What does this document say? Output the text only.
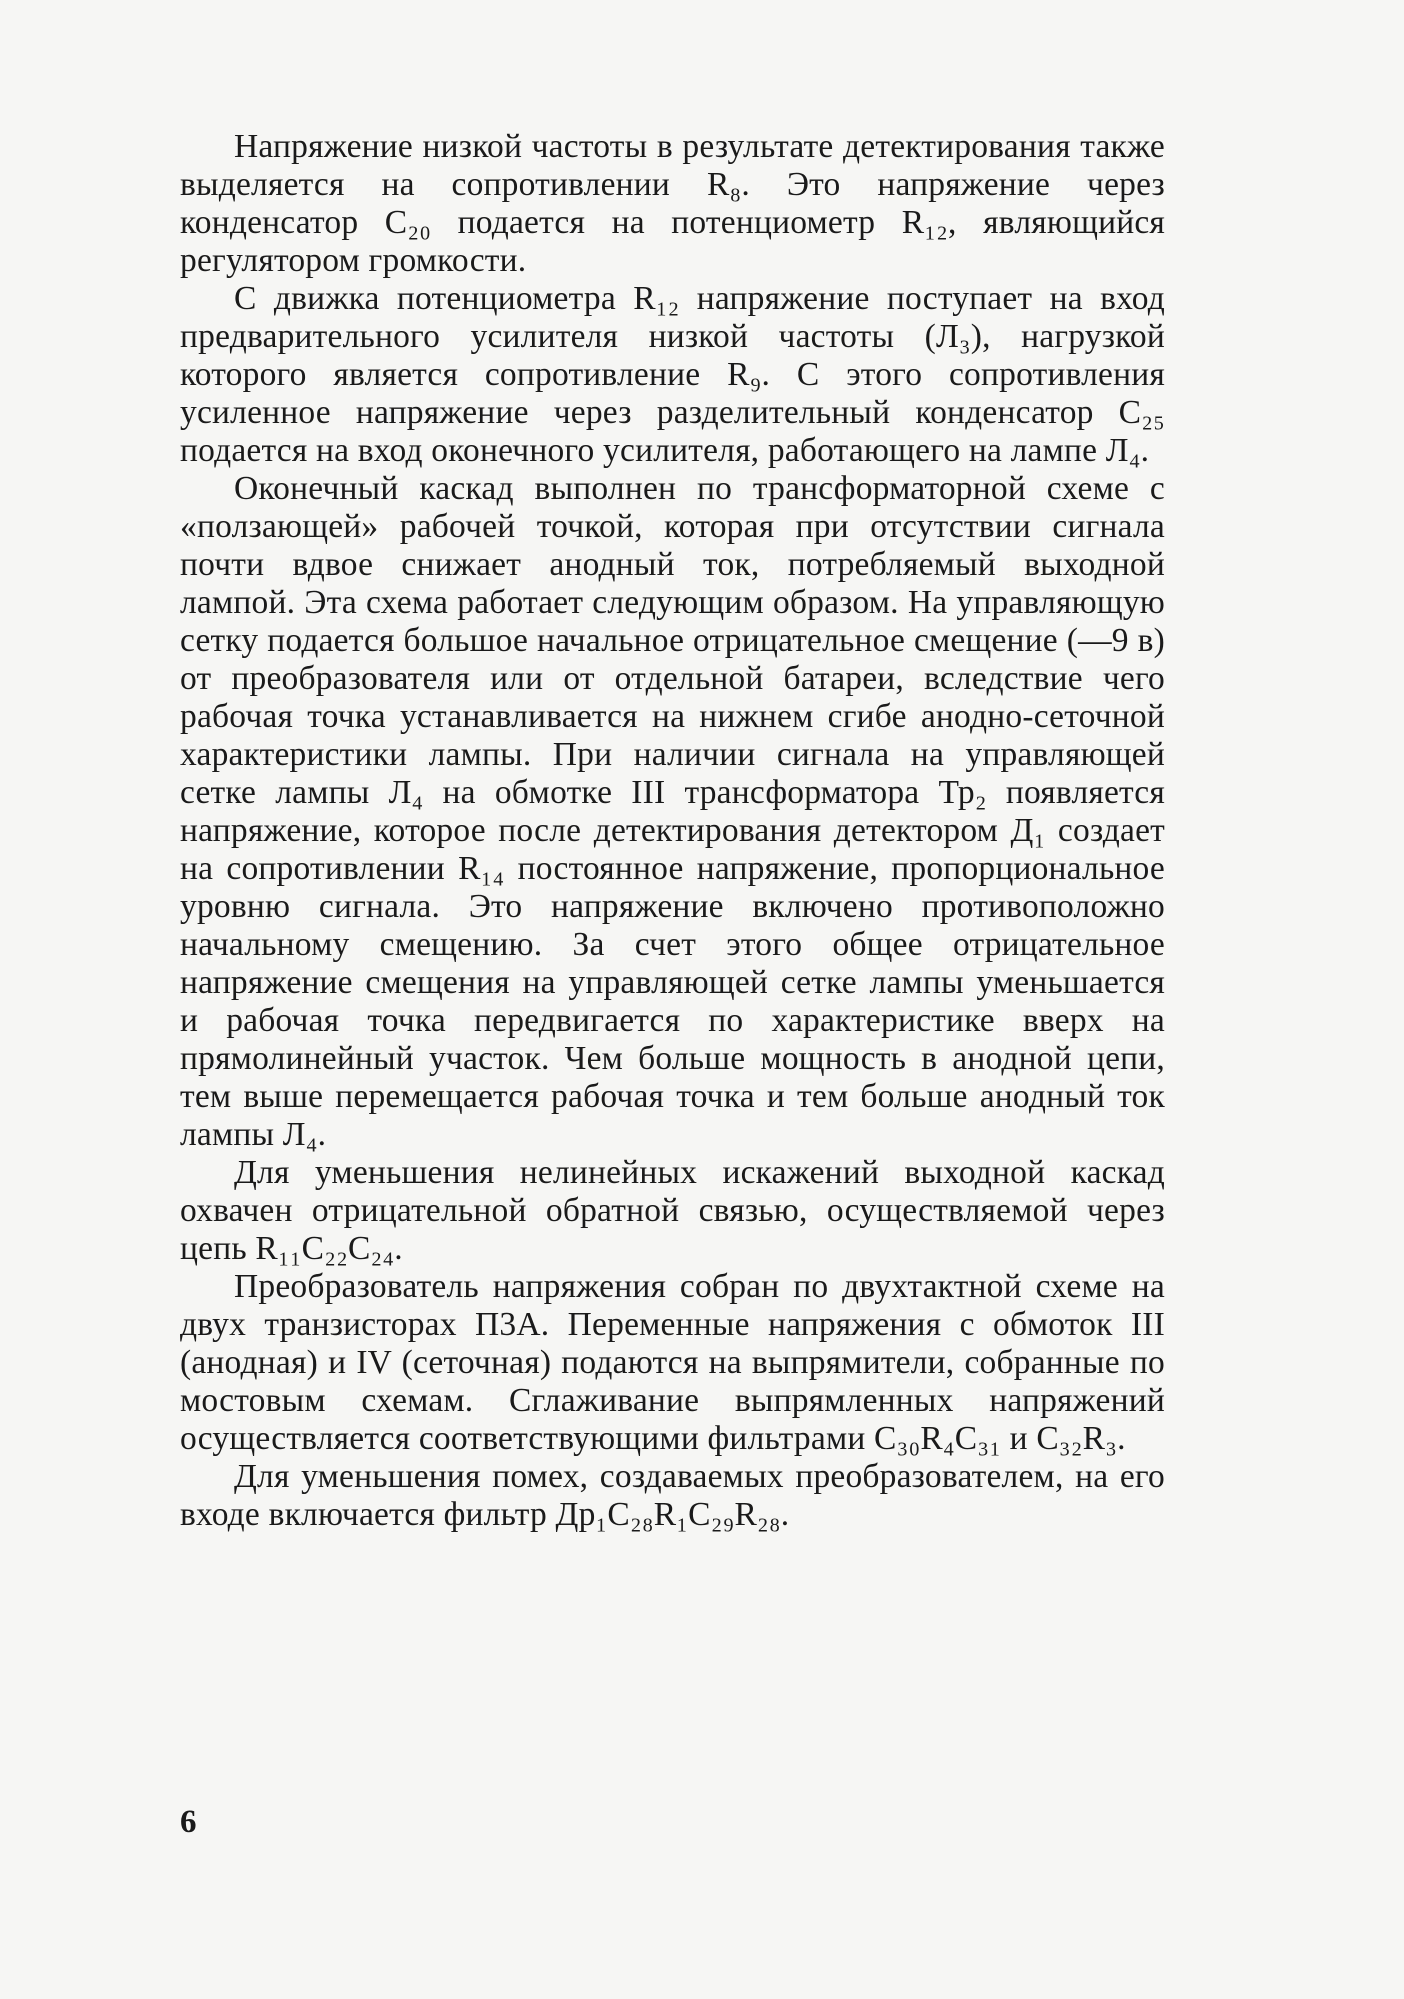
Напряжение низкой частоты в результате детектирования также выделяется на сопротивлении R₈. Это напряжение через конденсатор C₂₀ подается на потенциометр R₁₂, являющийся регулятором громкости.

С движка потенциометра R₁₂ напряжение поступает на вход предварительного усилителя низкой частоты (Л₃), нагрузкой которого является сопротивление R₉. С этого сопротивления усиленное напряжение через разделительный конденсатор C₂₅ подается на вход оконечного усилителя, работающего на лампе Л₄.

Оконечный каскад выполнен по трансформаторной схеме с «ползающей» рабочей точкой, которая при отсутствии сигнала почти вдвое снижает анодный ток, потребляемый выходной лампой. Эта схема работает следующим образом. На управляющую сетку подается большое начальное отрицательное смещение (—9 в) от преобразователя или от отдельной батареи, вследствие чего рабочая точка устанавливается на нижнем сгибе анодно-сеточной характеристики лампы. При наличии сигнала на управляющей сетке лампы Л₄ на обмотке III трансформатора Тр₂ появляется напряжение, которое после детектирования детектором Д₁ создает на сопротивлении R₁₄ постоянное напряжение, пропорциональное уровню сигнала. Это напряжение включено противоположно начальному смещению. За счет этого общее отрицательное напряжение смещения на управляющей сетке лампы уменьшается и рабочая точка передвигается по характеристике вверх на прямолинейный участок. Чем больше мощность в анодной цепи, тем выше перемещается рабочая точка и тем больше анодный ток лампы Л₄.

Для уменьшения нелинейных искажений выходной каскад охвачен отрицательной обратной связью, осуществляемой через цепь R₁₁C₂₂C₂₄.

Преобразователь напряжения собран по двухтактной схеме на двух транзисторах П3А. Переменные напряжения с обмоток III (анодная) и IV (сеточная) подаются на выпрямители, собранные по мостовым схемам. Сглаживание выпрямленных напряжений осуществляется соответствующими фильтрами C₃₀R₄C₃₁ и C₃₂R₃.

Для уменьшения помех, создаваемых преобразователем, на его входе включается фильтр Др₁C₂₈R₁C₂₉R₂₈.

6
